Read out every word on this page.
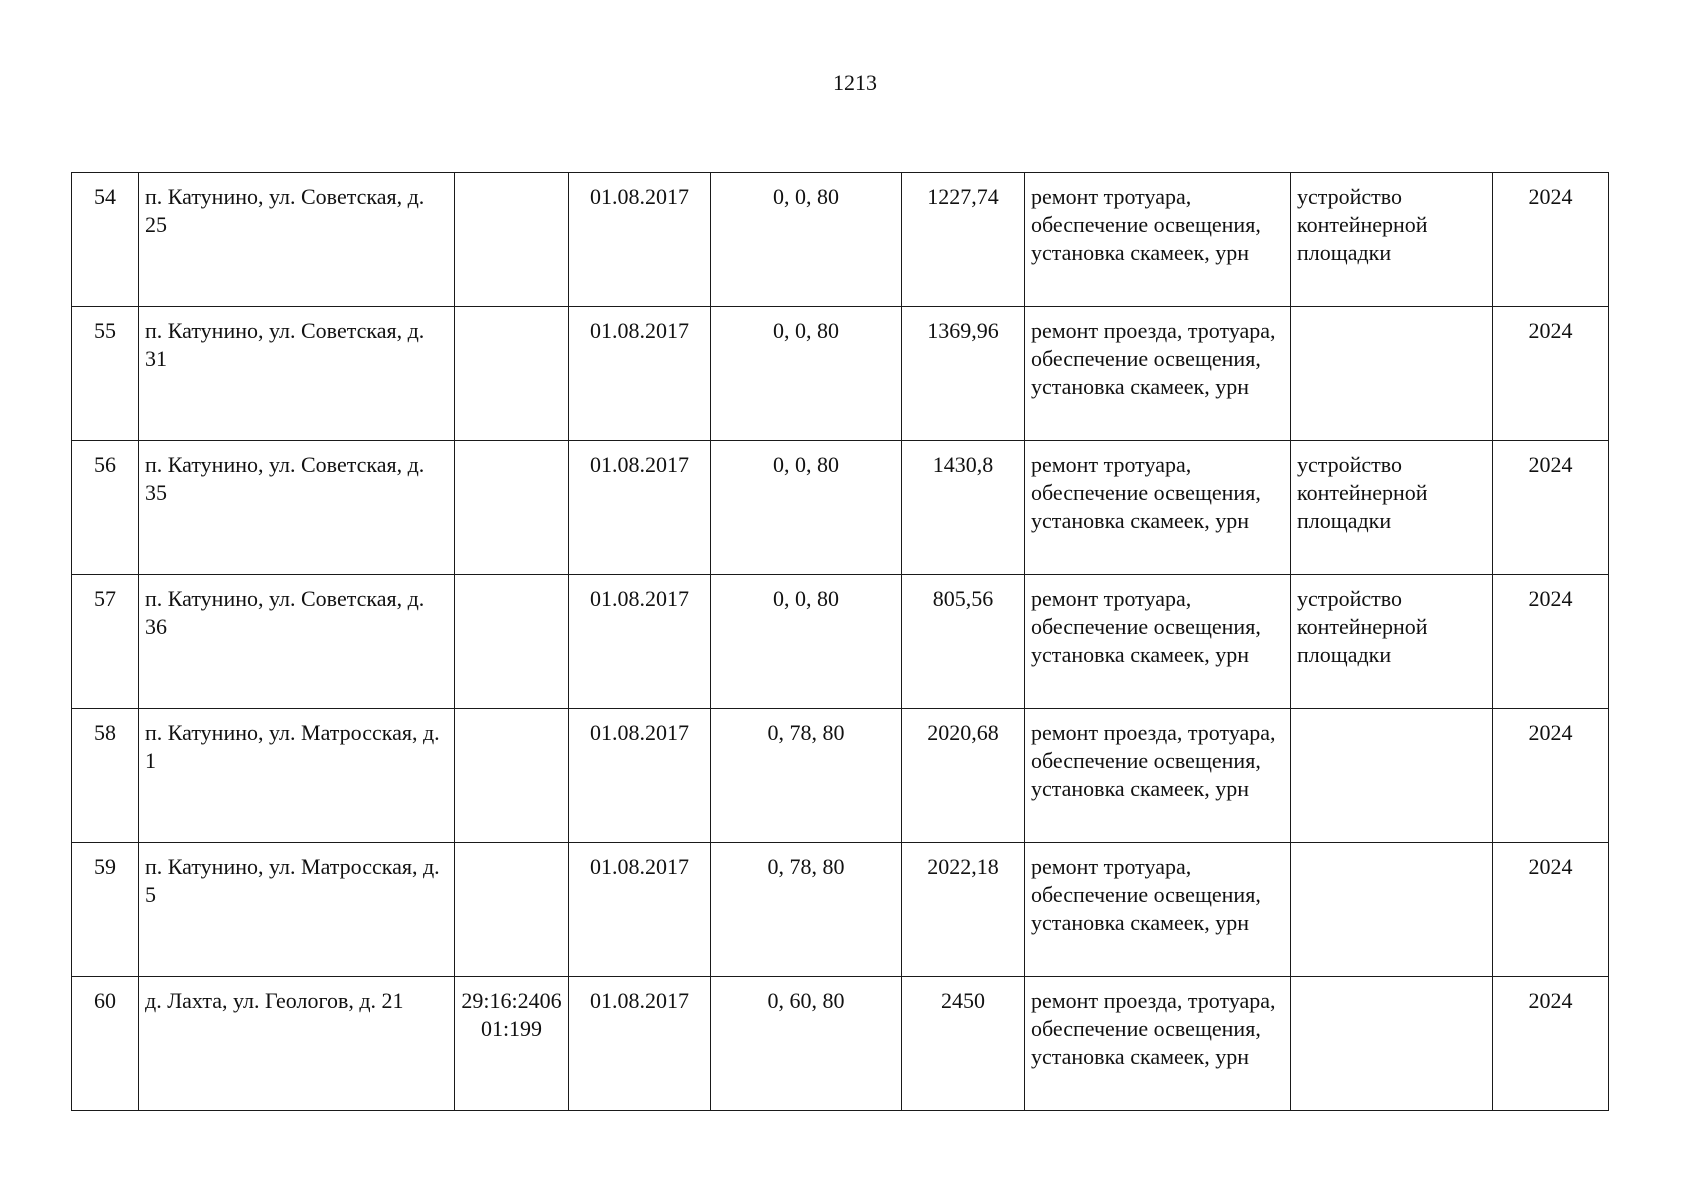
1213
54	п. Катунино, ул. Советская, д. 25		01.08.2017	0, 0, 80	1227,74	ремонт тротуара, обеспечение освещения, установка скамеек, урн	устройство контейнерной площадки	2024
55	п. Катунино, ул. Советская, д. 31		01.08.2017	0, 0, 80	1369,96	ремонт проезда, тротуара, обеспечение освещения, установка скамеек, урн		2024
56	п. Катунино, ул. Советская, д. 35		01.08.2017	0, 0, 80	1430,8	ремонт тротуара, обеспечение освещения, установка скамеек, урн	устройство контейнерной площадки	2024
57	п. Катунино, ул. Советская, д. 36		01.08.2017	0, 0, 80	805,56	ремонт тротуара, обеспечение освещения, установка скамеек, урн	устройство контейнерной площадки	2024
58	п. Катунино, ул. Матросская, д. 1		01.08.2017	0, 78, 80	2020,68	ремонт проезда, тротуара, обеспечение освещения, установка скамеек, урн		2024
59	п. Катунино, ул. Матросская, д. 5		01.08.2017	0, 78, 80	2022,18	ремонт тротуара, обеспечение освещения, установка скамеек, урн		2024
60	д. Лахта, ул. Геологов, д. 21	29:16:240601:199	01.08.2017	0, 60, 80	2450	ремонт проезда, тротуара, обеспечение освещения, установка скамеек, урн		2024
